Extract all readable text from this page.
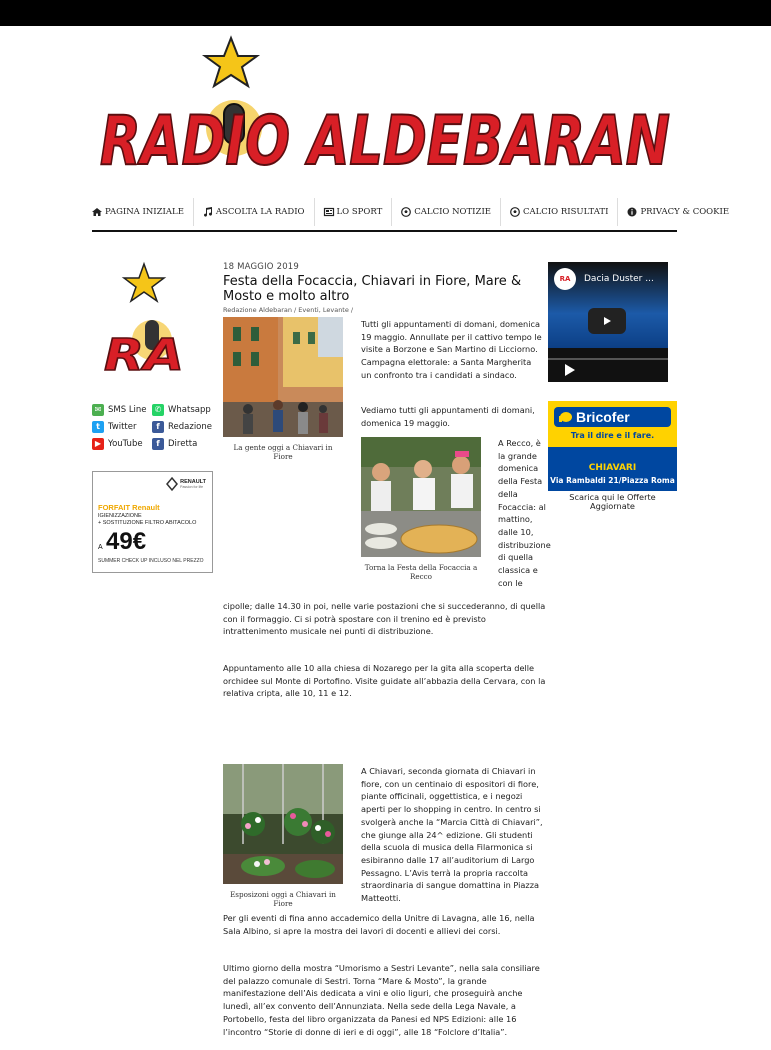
RADIO ALDEBARAN
PAGINA INIZIALE	ASCOLTA LA RADIO	LO SPORT	CALCIO NOTIZIE	CALCIO RISULTATI	PRIVACY & COOKIE
RA
✉ SMS Line	✆ Whatsapp
t Twitter	f Redazione
▶ YouTube	f Diretta
RENAULT
Passion for life
FORFAIT Renault
IGIENIZZAZIONE
+ SOSTITUZIONE FILTRO ABITACOLO
A 49€
SUMMER CHECK UP INCLUSO NEL PREZZO
18 MAGGIO 2019
Festa della Focaccia, Chiavari in Fiore, Mare & Mosto e molto altro
Redazione Aldebaran / Eventi, Levante /
La gente oggi a Chiavari in Fiore
Tutti gli appuntamenti di domani, domenica 19 maggio. Annullate per il cattivo tempo le visite a Borzone e San Martino di Licciorno. Campagna elettorale: a Santa Margherita un confronto tra i candidati a sindaco.
Vediamo tutti gli appuntamenti di domani, domenica 19 maggio.
Torna la Festa della Focaccia a Recco
A Recco, è la grande domenica della Festa della Focaccia: al mattino, dalle 10, distribuzione di quella classica e con le
cipolle; dalle 14.30 in poi, nelle varie postazioni che si succederanno, di quella con il formaggio. Ci si potrà spostare con il trenino ed è previsto intrattenimento musicale nei punti di distribuzione.
Appuntamento alle 10 alla chiesa di Nozarego per la gita alla scoperta delle orchidee sul Monte di Portofino. Visite guidate all’abbazia della Cervara, con la relativa cripta, alle 10, 11 e 12.
Esposizoni oggi a Chiavari in Fiore
A Chiavari, seconda giornata di Chiavari in fiore, con un centinaio di espositori di fiore, piante officinali, oggettistica, e i negozi aperti per lo shopping in centro. In centro si svolgerà anche la “Marcia Città di Chiavari”, che giunge alla 24^ edizione. Gli studenti della scuola di musica della Filarmonica si esibiranno dalle 17 all’auditorium di Largo Pessagno. L’Avis terrà la propria raccolta straordinaria di sangue domattina in Piazza Matteotti.
Per gli eventi di fina anno accademico della Unitre di Lavagna, alle 16, nella Sala Albino, si apre la mostra dei lavori di docenti e allievi dei corsi.
Ultimo giorno della mostra “Umorismo a Sestri Levante”, nella sala consiliare del palazzo comunale di Sestri. Torna “Mare & Mosto”, la grande manifestazione dell’Ais dedicata a vini e olio liguri, che proseguirà anche lunedì, all’ex convento dell’Annunziata. Nella sede della Lega Navale, a Portobello, festa del libro organizzata da Panesi ed NPS Edizioni: alle 16 l’incontro “Storie di donne di ieri e di oggi”, alle 18 “Folclore d’Italia”.
RA	Dacia Duster ...
Bricofer
Tra il dire e il fare.
CHIAVARI
Via Rambaldi 21/Piazza Roma
Scarica qui le Offerte Aggiornate
